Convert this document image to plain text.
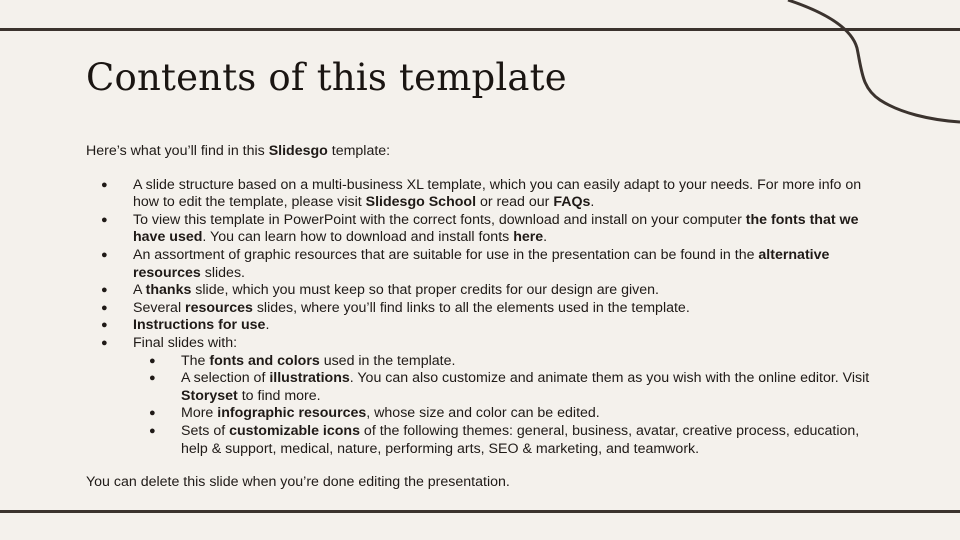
Contents of this template

Here’s what you’ll find in this Slidesgo template:

● A slide structure based on a multi-business XL template, which you can easily adapt to your needs. For more info on how to edit the template, please visit Slidesgo School or read our FAQs.
● To view this template in PowerPoint with the correct fonts, download and install on your computer the fonts that we have used. You can learn how to download and install fonts here.
● An assortment of graphic resources that are suitable for use in the presentation can be found in the alternative resources slides.
● A thanks slide, which you must keep so that proper credits for our design are given.
● Several resources slides, where you’ll find links to all the elements used in the template.
● Instructions for use.
● Final slides with:
● The fonts and colors used in the template.
● A selection of illustrations. You can also customize and animate them as you wish with the online editor. Visit Storyset to find more.
● More infographic resources, whose size and color can be edited.
● Sets of customizable icons of the following themes: general, business, avatar, creative process, education, help & support, medical, nature, performing arts, SEO & marketing, and teamwork.

You can delete this slide when you’re done editing the presentation.
